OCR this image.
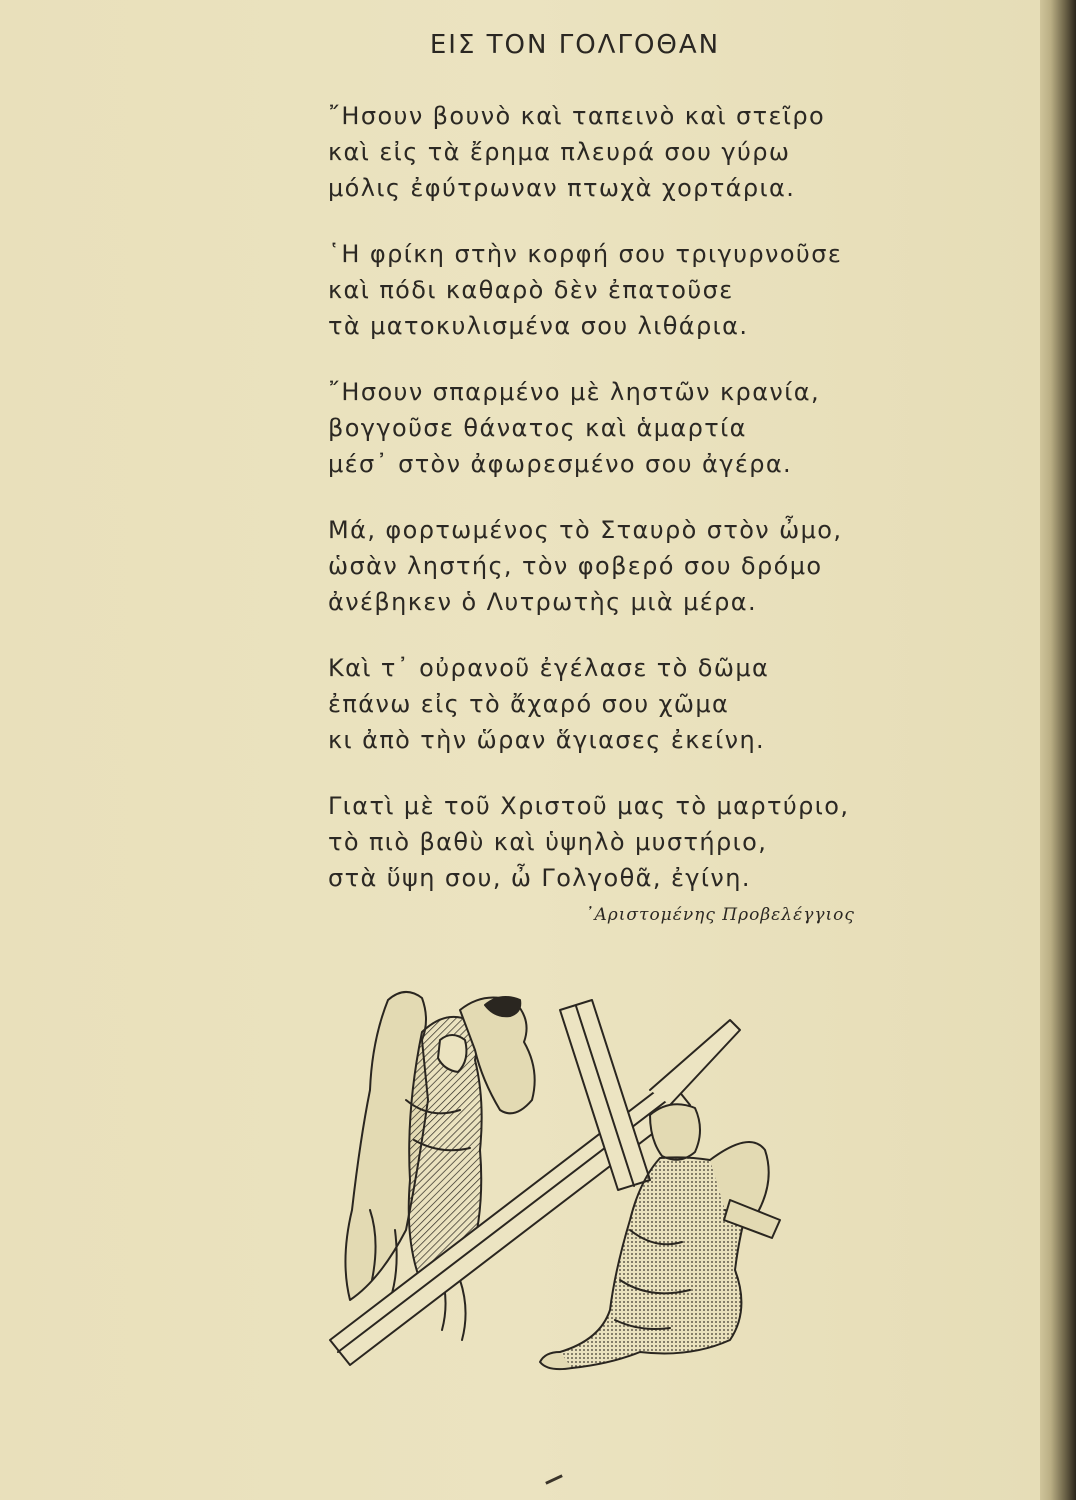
ΕΙΣ ΤΟΝ ΓΟΛΓΟΘΑΝ
῎Ησουν βουνὸ καὶ ταπεινὸ καὶ στεῖρο
καὶ εἰς τὰ ἔρημα πλευρά σου γύρω
μόλις ἐφύτρωναν πτωχὰ χορτάρια.
῾Η φρίκη στὴν κορφή σου τριγυρνοῦσε
καὶ πόδι καθαρὸ δὲν ἐπατοῦσε
τὰ ματοκυλισμένα σου λιθάρια.
῎Ησουν σπαρμένο μὲ ληστῶν κρανία,
βογγοῦσε θάνατος καὶ ἁμαρτία
μέσ᾽ στὸν ἀφωρεσμένο σου ἀγέρα.
Μά, φορτωμένος τὸ Σταυρὸ στὸν ὦμο,
ὡσὰν ληστής, τὸν φοβερό σου δρόμο
ἀνέβηκεν ὁ Λυτρωτὴς μιὰ μέρα.
Καὶ τ᾽ οὐρανοῦ ἐγέλασε τὸ δῶμα
ἐπάνω εἰς τὸ ἄχαρό σου χῶμα
κι ἀπὸ τὴν ὥραν ἅγιασες ἐκείνη.
Γιατὶ μὲ τοῦ Χριστοῦ μας τὸ μαρτύριο,
τὸ πιὸ βαθὺ καὶ ὑψηλὸ μυστήριο,
στὰ ὕψη σου, ὦ Γολγοθᾶ, ἐγίνη.
᾽Αριστομένης Προβελέγγιος
